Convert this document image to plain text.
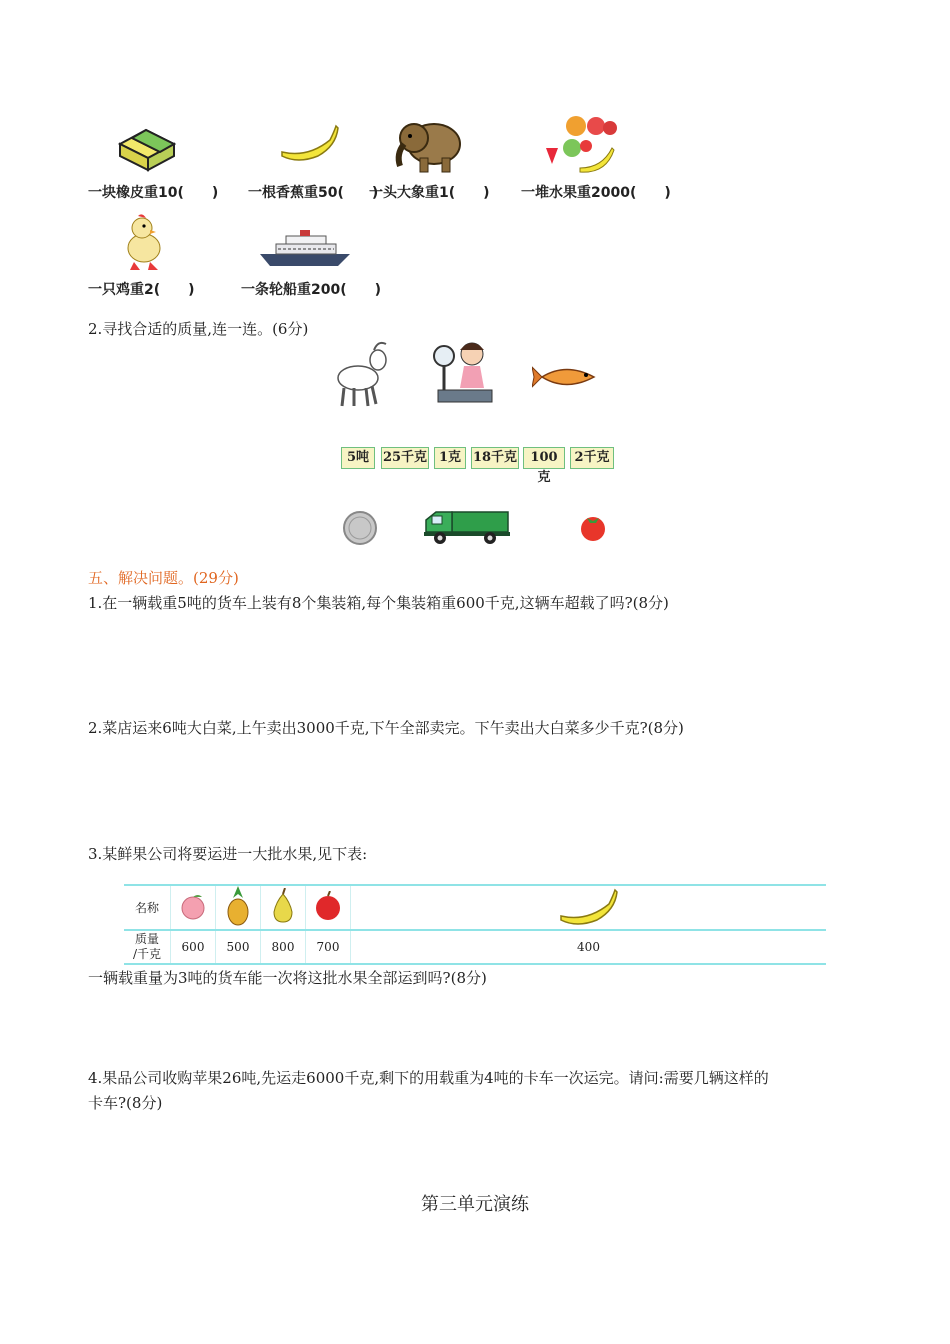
一块橡皮重10(　　) 一根香蕉重50(　　)
一头大象重1(　　) 一堆水果重2000(　　)
一只鸡重2(　　)	一条轮船重200(　　)
2.寻找合适的质量,连一连。(6分)
5吨	25千克 1克 18千克	100克
2千克
五、解决问题。(29分)
1.在一辆载重5吨的货车上装有8个集装箱,每个集装箱重600千克,这辆车超载了吗?(8分)
2.菜店运来6吨大白菜,上午卖出3000千克,下午全部卖完。下午卖出大白菜多少千克?(8分)
3.某鲜果公司将要运进一大批水果,见下表:
名称					
质量
/千克	600	500	800	700	400
一辆载重量为3吨的货车能一次将这批水果全部运到吗?(8分)
4.果品公司收购苹果26吨,先运走6000千克,剩下的用载重为4吨的卡车一次运完。请问:需要几辆这样的
卡车?(8分)
第三单元演练
